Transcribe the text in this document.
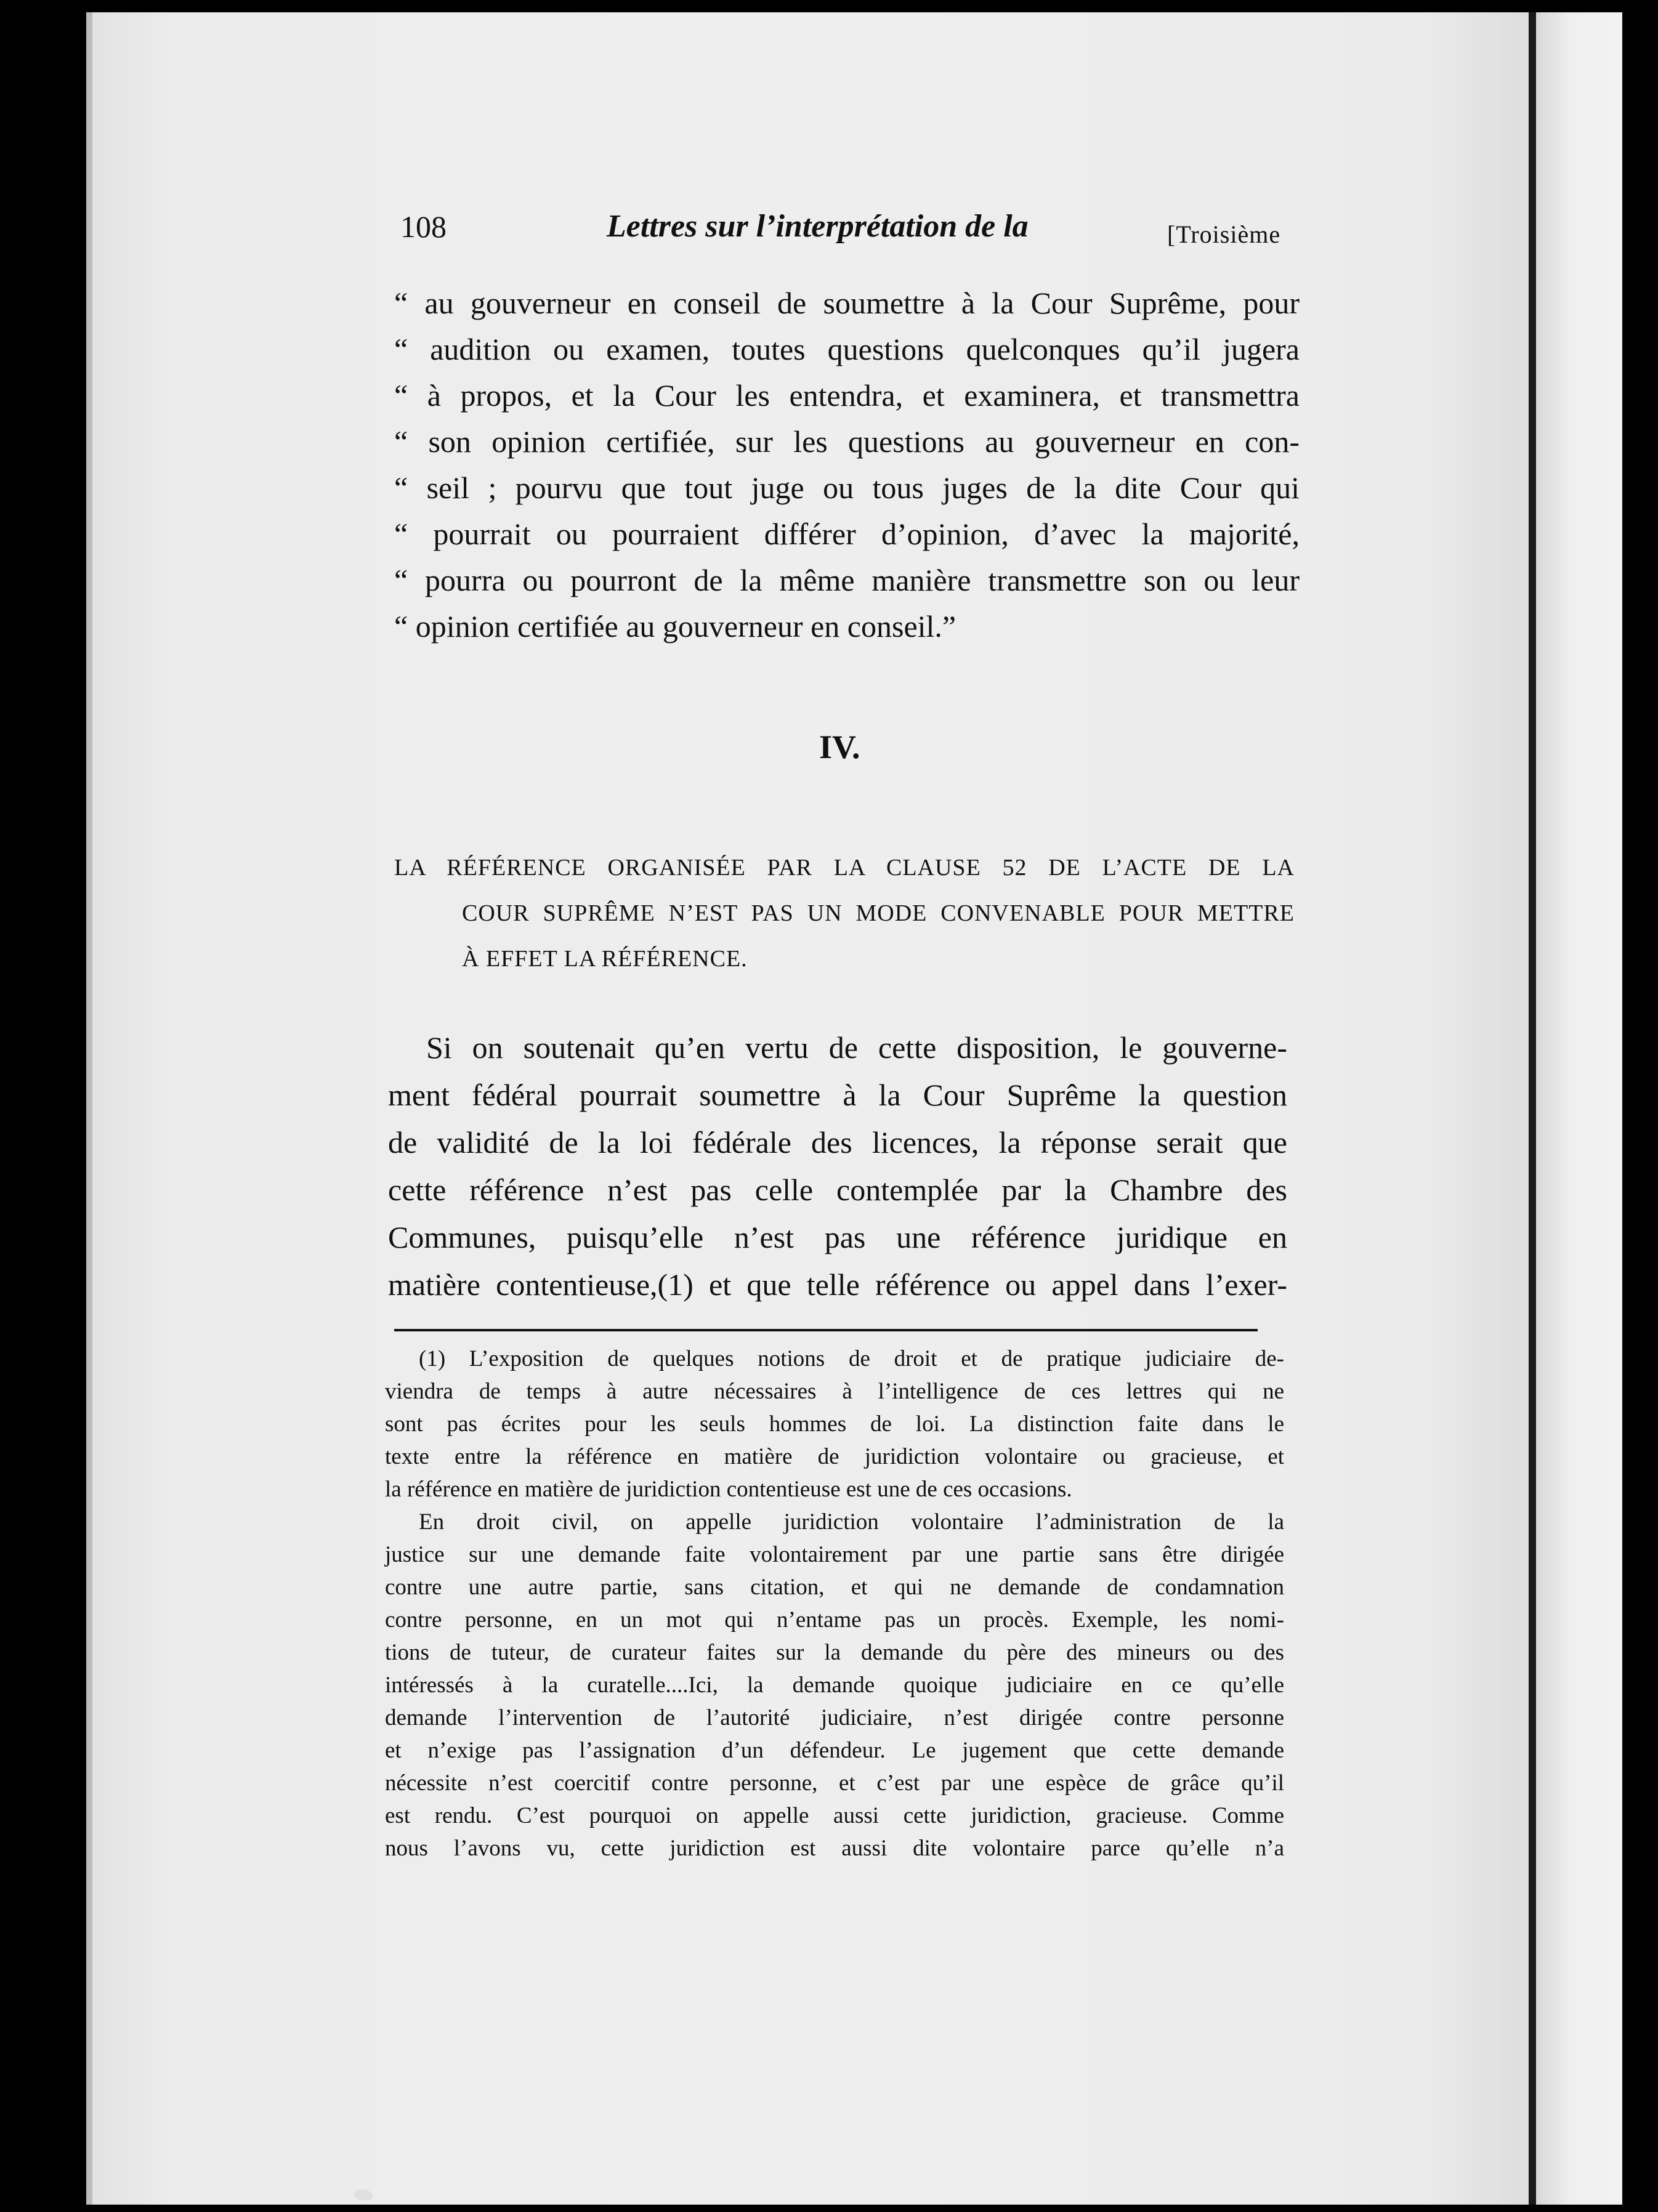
108	Lettres sur l’interprétation de la	[Troisième
“ au gouverneur en conseil de soumettre à la Cour Suprême, pour
“ audition ou examen, toutes questions quelconques qu’il jugera
“ à propos, et la Cour les entendra, et examinera, et transmettra
“ son opinion certifiée, sur les questions au gouverneur en con-
“ seil ; pourvu que tout juge ou tous juges de la dite Cour qui
“ pourrait ou pourraient différer d’opinion, d’avec la majorité,
“ pourra ou pourront de la même manière transmettre son ou leur
“ opinion certifiée au gouverneur en conseil.”
IV.
LA RÉFÉRENCE ORGANISÉE PAR LA CLAUSE 52 DE L’ACTE DE LA
COUR SUPRÊME N’EST PAS UN MODE CONVENABLE POUR METTRE
À EFFET LA RÉFÉRENCE.
Si on soutenait qu’en vertu de cette disposition, le gouverne-
ment fédéral pourrait soumettre à la Cour Suprême la question
de validité de la loi fédérale des licences, la réponse serait que
cette référence n’est pas celle contemplée par la Chambre des
Communes, puisqu’elle n’est pas une référence juridique en
matière contentieuse,(1) et que telle référence ou appel dans l’exer-
(1) L’exposition de quelques notions de droit et de pratique judiciaire de-
viendra de temps à autre nécessaires à l’intelligence de ces lettres qui ne
sont pas écrites pour les seuls hommes de loi. La distinction faite dans le
texte entre la référence en matière de juridiction volontaire ou gracieuse, et
la référence en matière de juridiction contentieuse est une de ces occasions.
En droit civil, on appelle juridiction volontaire l’administration de la
justice sur une demande faite volontairement par une partie sans être dirigée
contre une autre partie, sans citation, et qui ne demande de condamnation
contre personne, en un mot qui n’entame pas un procès. Exemple, les nomi-
tions de tuteur, de curateur faites sur la demande du père des mineurs ou des
intéressés à la curatelle....Ici, la demande quoique judiciaire en ce qu’elle
demande l’intervention de l’autorité judiciaire, n’est dirigée contre personne
et n’exige pas l’assignation d’un défendeur. Le jugement que cette demande
nécessite n’est coercitif contre personne, et c’est par une espèce de grâce qu’il
est rendu. C’est pourquoi on appelle aussi cette juridiction, gracieuse. Comme
nous l’avons vu, cette juridiction est aussi dite volontaire parce qu’elle n’a
